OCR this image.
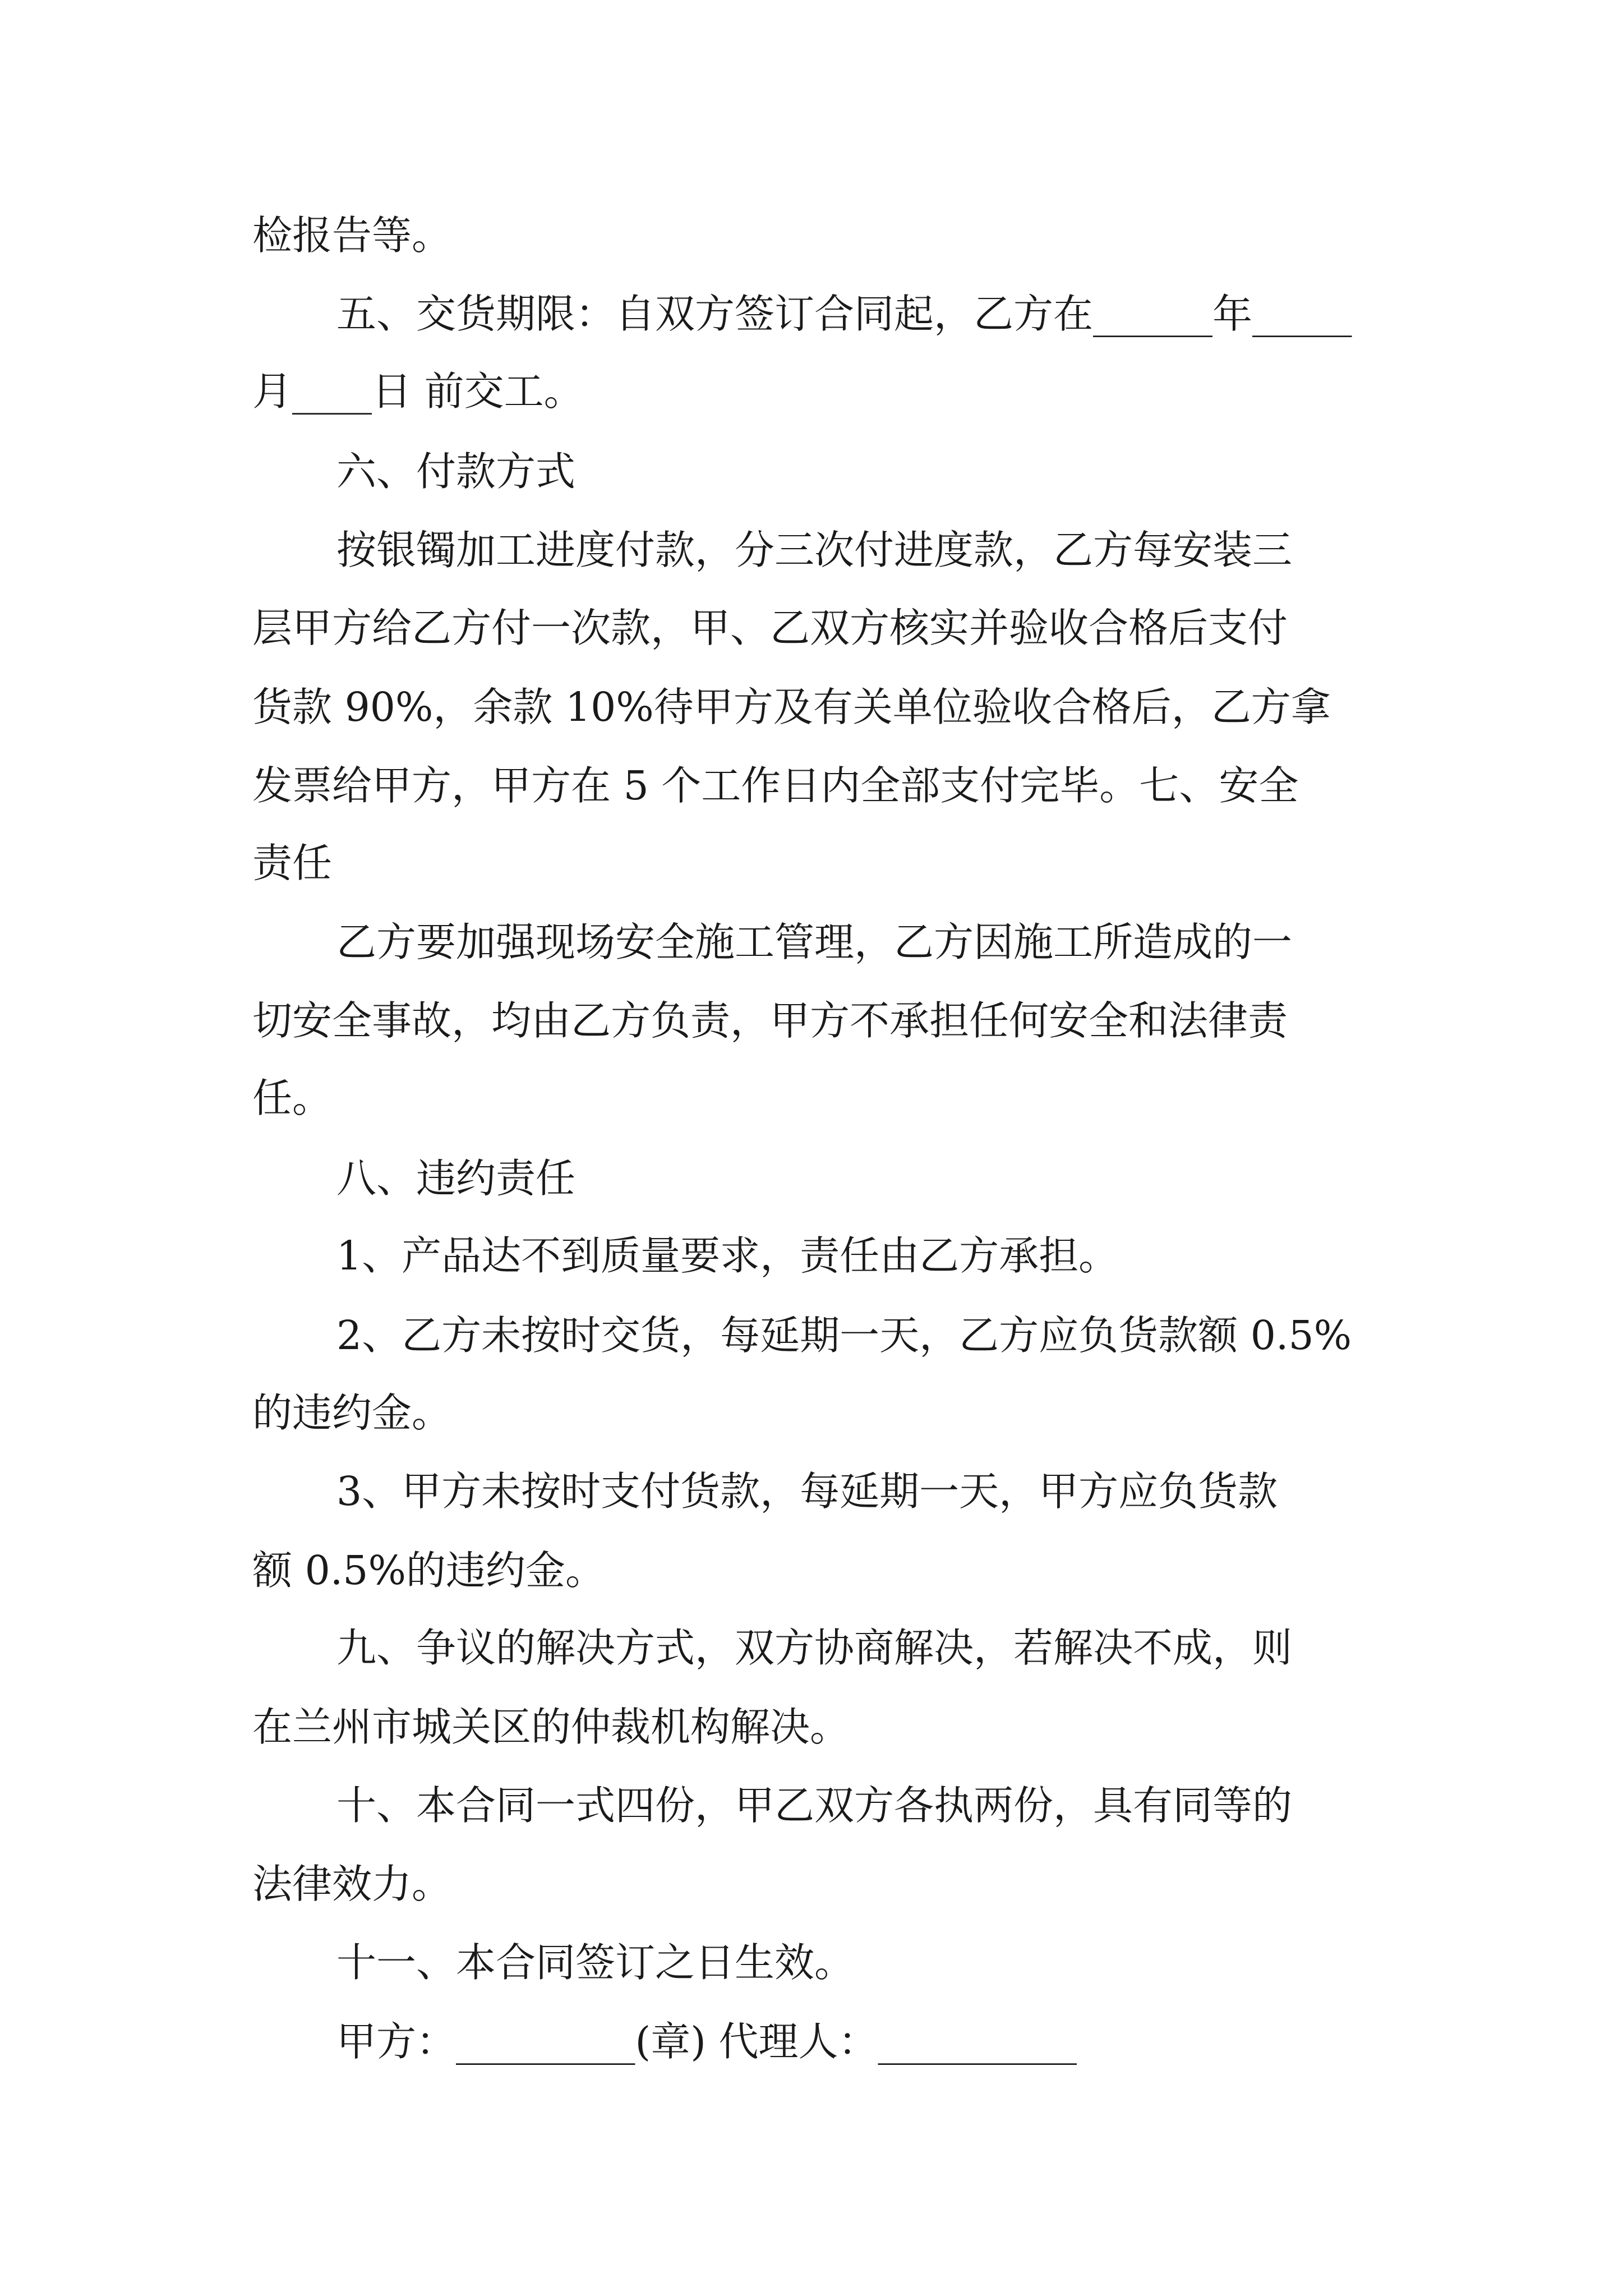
检报告等。
五、交货期限：自双方签订合同起，乙方在______年_____
月____日 前交工。
六、付款方式
按银镯加工进度付款，分三次付进度款，乙方每安装三
层甲方给乙方付一次款，甲、乙双方核实并验收合格后支付
货款 90%，余款 10%待甲方及有关单位验收合格后，乙方拿
发票给甲方，甲方在 5 个工作日内全部支付完毕。七、安全
责任
乙方要加强现场安全施工管理，乙方因施工所造成的一
切安全事故，均由乙方负责，甲方不承担任何安全和法律责
任。
八、违约责任
1、产品达不到质量要求，责任由乙方承担。
2、乙方未按时交货，每延期一天，乙方应负货款额 0.5%
的违约金。
3、甲方未按时支付货款，每延期一天，甲方应负货款
额 0.5%的违约金。
九、争议的解决方式，双方协商解决，若解决不成，则
在兰州市城关区的仲裁机构解决。
十、本合同一式四份，甲乙双方各执两份，具有同等的
法律效力。
十一、本合同签订之日生效。
甲方：_________(章) 代理人：__________
